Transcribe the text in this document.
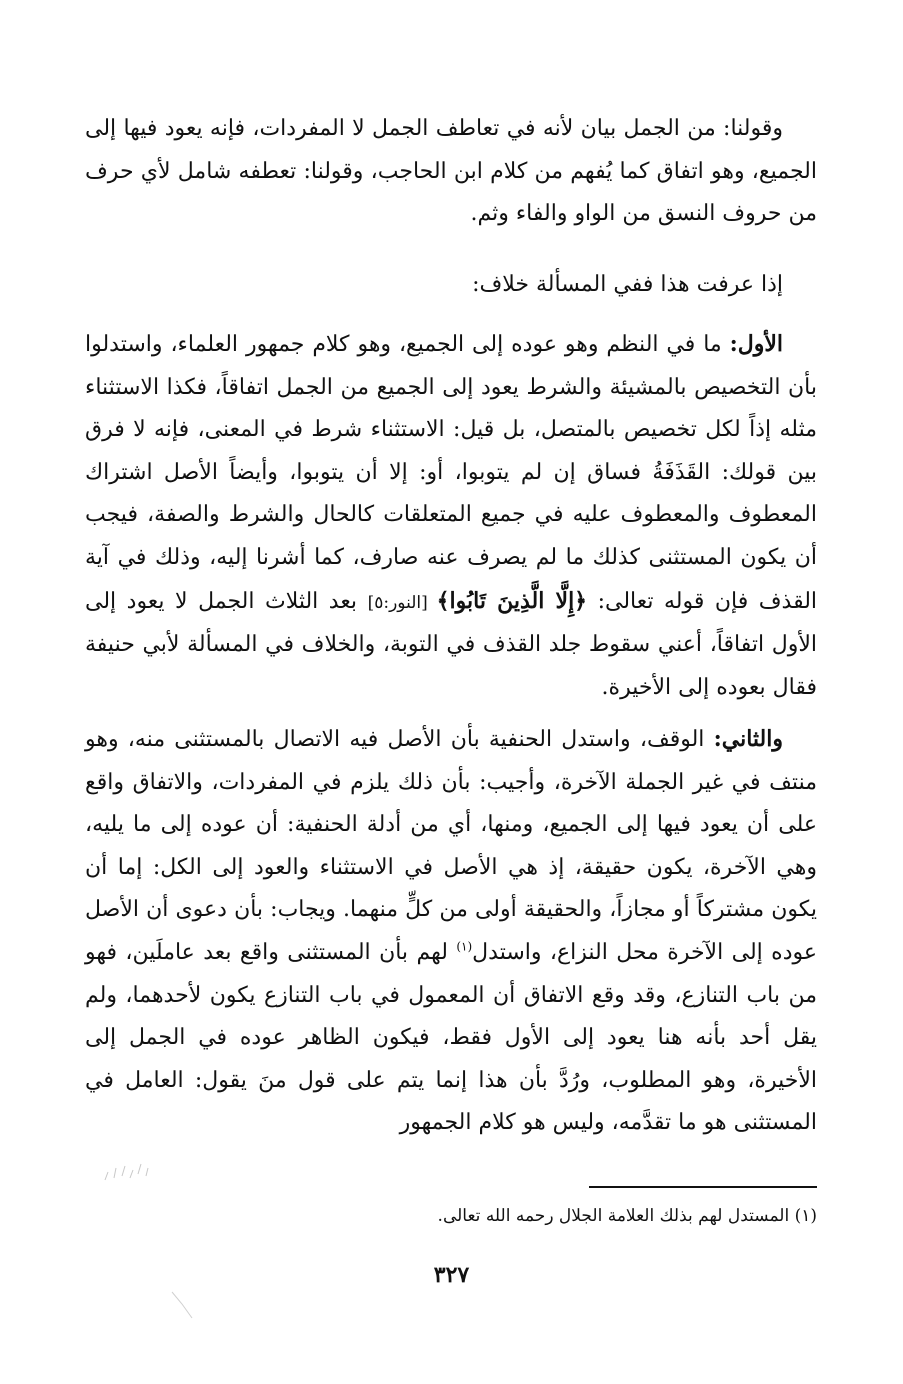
وقولنا: من الجمل بيان لأنه في تعاطف الجمل لا المفردات، فإنه يعود فيها إلى الجميع، وهو اتفاق كما يُفهم من كلام ابن الحاجب، وقولنا: تعطفه شامل لأي حرف من حروف النسق من الواو والفاء وثم.

إذا عرفت هذا ففي المسألة خلاف:

الأول: ما في النظم وهو عوده إلى الجميع، وهو كلام جمهور العلماء، واستدلوا بأن التخصيص بالمشيئة والشرط يعود إلى الجميع من الجمل اتفاقاً، فكذا الاستثناء مثله إذاً لكل تخصيص بالمتصل، بل قيل: الاستثناء شرط في المعنى، فإنه لا فرق بين قولك: القَذَفَةُ فساق إن لم يتوبوا، أو: إلا أن يتوبوا، وأيضاً الأصل اشتراك المعطوف والمعطوف عليه في جميع المتعلقات كالحال والشرط والصفة، فيجب أن يكون المستثنى كذلك ما لم يصرف عنه صارف، كما أشرنا إليه، وذلك في آية القذف فإن قوله تعالى: ﴿إِلَّا الَّذِينَ تَابُوا﴾ [النور:٥] بعد الثلاث الجمل لا يعود إلى الأول اتفاقاً، أعني سقوط جلد القذف في التوبة، والخلاف في المسألة لأبي حنيفة فقال بعوده إلى الأخيرة.

والثاني: الوقف، واستدل الحنفية بأن الأصل فيه الاتصال بالمستثنى منه، وهو منتف في غير الجملة الآخرة، وأجيب: بأن ذلك يلزم في المفردات، والاتفاق واقع على أن يعود فيها إلى الجميع، ومنها، أي من أدلة الحنفية: أن عوده إلى ما يليه، وهي الآخرة، يكون حقيقة، إذ هي الأصل في الاستثناء والعود إلى الكل: إما أن يكون مشتركاً أو مجازاً، والحقيقة أولى من كلٍّ منهما. ويجاب: بأن دعوى أن الأصل عوده إلى الآخرة محل النزاع، واستدل$^{(١)}$ لهم بأن المستثنى واقع بعد عاملَين، فهو من باب التنازع، وقد وقع الاتفاق أن المعمول في باب التنازع يكون لأحدهما، ولم يقل أحد بأنه هنا يعود إلى الأول فقط، فيكون الظاهر عوده في الجمل إلى الأخيرة، وهو المطلوب، ورُدَّ بأن هذا إنما يتم على قول منَ يقول: العامل في المستثنى هو ما تقدَّمه، وليس هو كلام الجمهور

(١) المستدل لهم بذلك العلامة الجلال رحمه الله تعالى.
٣٢٧
